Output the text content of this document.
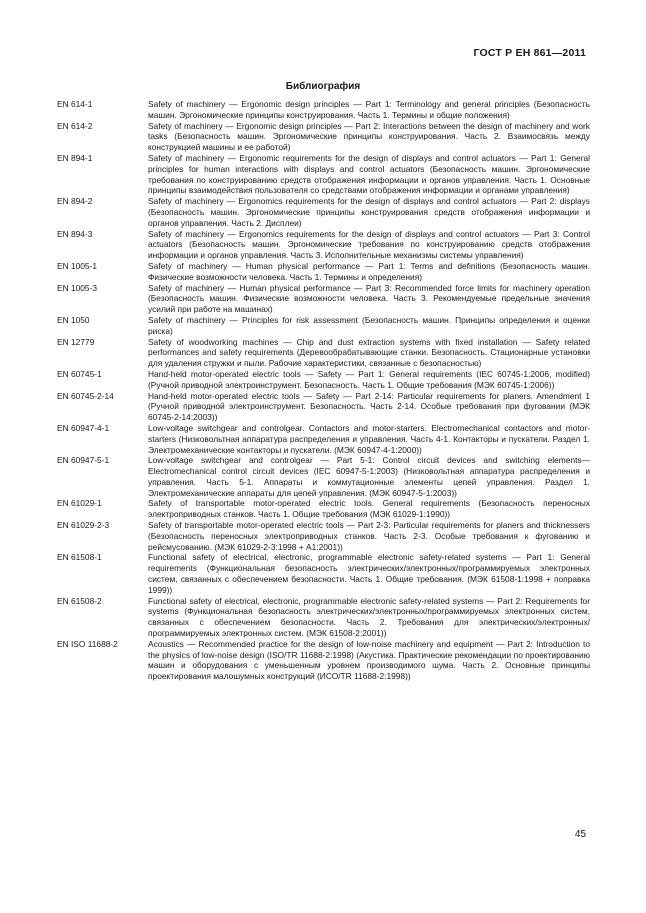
ГОСТ Р ЕН 861—2011
Библиография
EN 614-1	Safety of machinery — Ergonomic design principles — Part 1: Terminology and general principles (Безопасность машин. Эргономические принципы конструирования. Часть 1. Термины и общие положения)
EN 614-2	Safety of machinery — Ergonomic design principles — Part 2: Interactions between the design of machinery and work tasks (Безопасность машин. Эргономические принципы конструирования. Часть 2. Взаимосвязь между конструкцией машины и ее работой)
EN 894-1	Safety of machinery — Ergonomic requirements for the design of displays and control actuators — Part 1: General principles for human interactions with displays and control actuators (Безопасность машин. Эргономические требования по конструированию средств отображения информации и органов управления. Часть 1. Основные принципы взаимодействия пользователя со средствами отображения информации и органами управления)
EN 894-2	Safety of machinery — Ergonomics requirements for the design of displays and control actuators — Part 2: displays (Безопасность машин. Эргономические принципы конструирования средств отображения информации и органов управления. Часть 2. Дисплеи)
EN 894-3	Safety of machinery — Ergonomics requirements for the design of displays and control actuators — Part 3: Control actuators (Безопасность машин. Эргономические требования по конструированию средств отображения информации и органов управления. Часть 3. Исполнительные механизмы системы управления)
EN 1005-1	Safety of machinery — Human physical performance — Part 1: Terms and definitions (Безопасность машин. Физические возможности человека. Часть 1. Термины и определения)
EN 1005-3	Safety of machinery — Human physical performance — Part 3: Recommended force limits for machinery operation (Безопасность машин. Физические возможности человека. Часть 3. Рекомендуемые предельные значения усилий при работе на машинах)
EN 1050	Safety of machinery — Principles for risk assessment (Безопасность машин. Принципы определения и оценки риска)
EN 12779	Safety of woodworking machines — Chip and dust extraction systems with fixed installation — Safety related performances and safety requirements (Деревообрабатывающие станки. Безопасность. Стационарные установки для удаления стружки и пыли. Рабочие характеристики, связанные с безопасностью)
EN 60745-1	Hand-held motor-operated electric tools — Safety — Part 1: General requirements (IEC 60745-1:2006, modified) (Ручной приводной электроинструмент. Безопасность. Часть 1. Общие требования (МЭК 60745-1:2006))
EN 60745-2-14	Hand-held motor-operated electric tools — Safety — Part 2-14: Particular requirements for planers. Amendment 1 (Ручной приводной электроинструмент. Безопасность. Часть 2-14. Особые требования при фуговании (МЭК 60745-2-14:2003))
EN 60947-4-1	Low-voltage switchgear and controlgear. Contactors and motor-starters. Electromechanical contactors and motor-starters (Низковольтная аппаратура распределения и управления. Часть 4-1. Контакторы и пускатели. Раздел 1. Электромеханические контакторы и пускатели. (МЭК 60947-4-1:2000))
EN 60947-5-1	Low-voltage switchgear and controlgear — Part 5-1: Control circuit devices and switching elements— Electromechanical control circuit devices (IEC 60947-5-1:2003) (Низковольтная аппаратура распределения и управления. Часть 5-1. Аппараты и коммутационные элементы цепей управления. Раздел 1. Электромеханические аппараты для цепей управления. (МЭК 60947-5-1:2003))
EN 61029-1	Safety of transportable motor-operated electric tools. General requirements (Безопасность переносных электроприводных станков. Часть 1. Общие требования (МЭК 61029-1:1990))
EN 61029-2-3	Safety of transportable motor-operated electric tools — Part 2-3: Particular requirements for planers and thicknessers (Безопасность переносных электроприводных станков. Часть 2-3. Особые требования к фугованию и рейсмусованию. (МЭК 61029-2-3:1998 + A1:2001))
EN 61508-1	Functional safety of electrical, electronic, programmable electronic safety-related systems — Part 1: General requirements (Функциональная безопасность электрических/электронных/программируемых электронных систем, связанных с обеспечением безопасности. Часть 1. Общие требования. (МЭК 61508-1:1998 + поправка 1999))
EN 61508-2	Functional safety of electrical, electronic, programmable electronic safety-related systems — Part 2: Requirements for systems (Функциональная безопасность электрических/электронных/программируемых электронных систем, связанных с обеспечением безопасности. Часть 2. Требования для электрических/электронных/программируемых электронных систем. (МЭК 61508-2:2001))
EN ISO 11688-2	Acoustics — Recommended practice for the design of low-noise machinery and equipment — Part 2: Introduction to the physics of low-noise design (ISO/TR 11688-2:1998) (Акустика. Практические рекомендации по проектированию машин и оборудования с уменьшенным уровнем производимого шума. Часть 2. Основные принципы проектирования малошумных конструкций (ИСО/TR 11688-2:1998))
45
